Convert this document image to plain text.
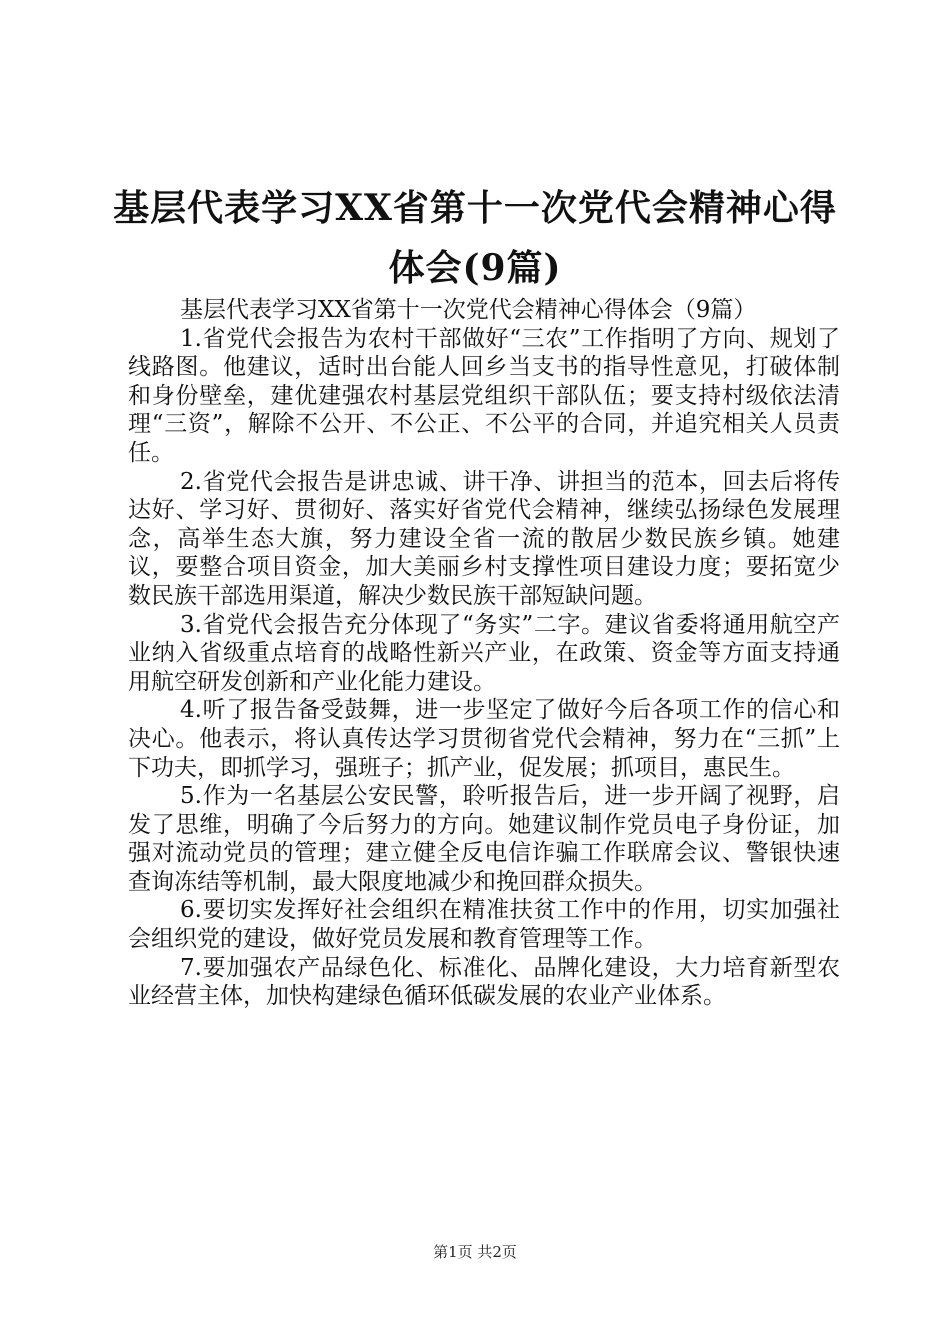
基层代表学习XX省第十一次党代会精神心得
体会(9篇)

基层代表学习XX省第十一次党代会精神心得体会（9篇）

1.省党代会报告为农村干部做好“三农”工作指明了方向、规划了线路图。他建议，适时出台能人回乡当支书的指导性意见，打破体制和身份壁垒，建优建强农村基层党组织干部队伍；要支持村级依法清理“三资”，解除不公开、不公正、不公平的合同，并追究相关人员责任。

2.省党代会报告是讲忠诚、讲干净、讲担当的范本，回去后将传达好、学习好、贯彻好、落实好省党代会精神，继续弘扬绿色发展理念，高举生态大旗，努力建设全省一流的散居少数民族乡镇。她建议，要整合项目资金，加大美丽乡村支撑性项目建设力度；要拓宽少数民族干部选用渠道，解决少数民族干部短缺问题。

3.省党代会报告充分体现了“务实”二字。建议省委将通用航空产业纳入省级重点培育的战略性新兴产业，在政策、资金等方面支持通用航空研发创新和产业化能力建设。

4.听了报告备受鼓舞，进一步坚定了做好今后各项工作的信心和决心。他表示，将认真传达学习贯彻省党代会精神，努力在“三抓”上下功夫，即抓学习，强班子；抓产业，促发展；抓项目，惠民生。

5.作为一名基层公安民警，聆听报告后，进一步开阔了视野，启发了思维，明确了今后努力的方向。她建议制作党员电子身份证，加强对流动党员的管理；建立健全反电信诈骗工作联席会议、警银快速查询冻结等机制，最大限度地减少和挽回群众损失。

6.要切实发挥好社会组织在精准扶贫工作中的作用，切实加强社会组织党的建设，做好党员发展和教育管理等工作。

7.要加强农产品绿色化、标准化、品牌化建设，大力培育新型农业经营主体，加快构建绿色循环低碳发展的农业产业体系。

第1页 共2页
